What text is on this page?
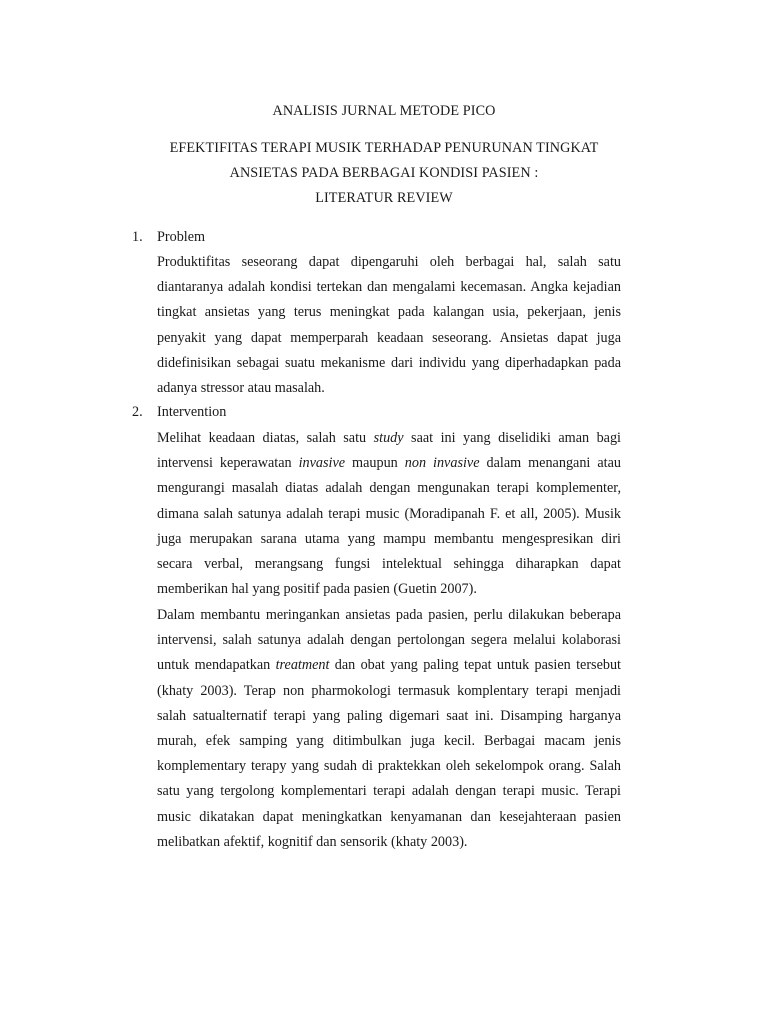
ANALISIS JURNAL METODE PICO
EFEKTIFITAS TERAPI MUSIK TERHADAP PENURUNAN TINGKAT
ANSIETAS PADA BERBAGAI KONDISI PASIEN :
LITERATUR REVIEW
1. Problem
Produktifitas seseorang dapat dipengaruhi oleh berbagai hal, salah satu diantaranya adalah kondisi tertekan dan mengalami kecemasan. Angka kejadian tingkat ansietas yang terus meningkat pada kalangan usia, pekerjaan, jenis penyakit yang dapat memperparah keadaan seseorang. Ansietas dapat juga didefinisikan sebagai suatu mekanisme dari individu yang diperhadapkan pada adanya stressor atau masalah.
2. Intervention
Melihat keadaan diatas, salah satu study saat ini yang diselidiki aman bagi intervensi keperawatan invasive maupun non invasive dalam menangani atau mengurangi masalah diatas adalah dengan mengunakan terapi komplementer, dimana salah satunya adalah terapi music (Moradipanah F. et all, 2005). Musik juga merupakan sarana utama yang mampu membantu mengespresikan diri secara verbal, merangsang fungsi intelektual sehingga diharapkan dapat memberikan hal yang positif pada pasien (Guetin 2007).
Dalam membantu meringankan ansietas pada pasien, perlu dilakukan beberapa intervensi, salah satunya adalah dengan pertolongan segera melalui kolaborasi untuk mendapatkan treatment dan obat yang paling tepat untuk pasien tersebut (khaty 2003). Terap non pharmokologi termasuk komplentary terapi menjadi salah satualternatif terapi yang paling digemari saat ini. Disamping harganya murah, efek samping yang ditimbulkan juga kecil. Berbagai macam jenis komplementary terapy yang sudah di praktekkan oleh sekelompok orang. Salah satu yang tergolong komplementari terapi adalah dengan terapi music. Terapi music dikatakan dapat meningkatkan kenyamanan dan kesejahteraan pasien melibatkan afektif, kognitif dan sensorik (khaty 2003).
